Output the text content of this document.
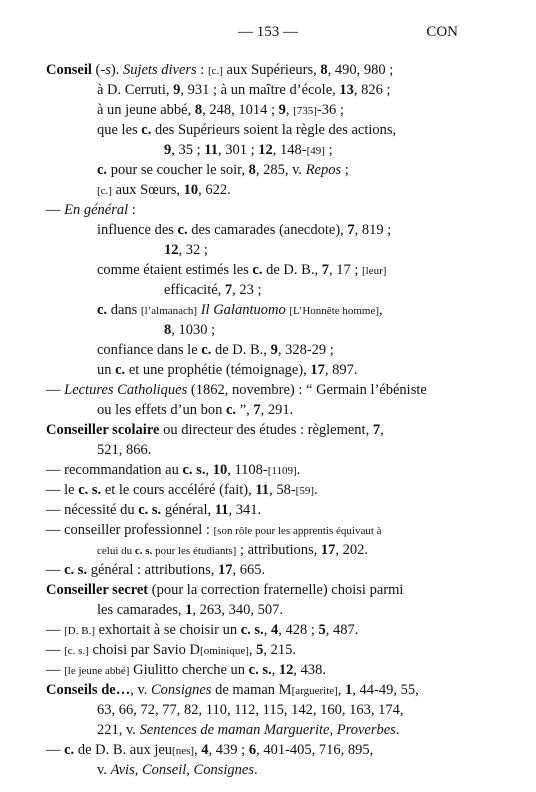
— 153 —	CON
Conseil (-s). Sujets divers : [c.] aux Supérieurs, 8, 490, 980 ;
à D. Cerruti, 9, 931 ; à un maître d’école, 13, 826 ;
à un jeune abbé, 8, 248, 1014 ; 9, [735]-36 ;
que les c. des Supérieurs soient la règle des actions,
9, 35 ; 11, 301 ; 12, 148-[49] ;
c. pour se coucher le soir, 8, 285, v. Repos ;
[c.] aux Sœurs, 10, 622.
— En général :
influence des c. des camarades (anecdote), 7, 819 ;
12, 32 ;
comme étaient estimés les c. de D. B., 7, 17 ; [leur]
efficacité, 7, 23 ;
c. dans [l’almanach] Il Galantuomo [L’Honnête homme],
8, 1030 ;
confiance dans le c. de D. B., 9, 328-29 ;
un c. et une prophétie (témoignage), 17, 897.
— Lectures Catholiques (1862, novembre) : “ Germain l’ébéniste
ou les effets d’un bon c. ”, 7, 291.
Conseiller scolaire ou directeur des études : règlement, 7,
521, 866.
— recommandation au c. s., 10, 1108-[1109].
— le c. s. et le cours accéléré (fait), 11, 58-[59].
— nécessité du c. s. général, 11, 341.
— conseiller professionnel : [son rôle pour les apprentis équivaut à
celui du c. s. pour les étudiants] ; attributions, 17, 202.
— c. s. général : attributions, 17, 665.
Conseiller secret (pour la correction fraternelle) choisi parmi
les camarades, 1, 263, 340, 507.
— [D. B.] exhortait à se choisir un c. s., 4, 428 ; 5, 487.
— [c. s.] choisi par Savio D[ominique], 5, 215.
— [le jeune abbé] Giulitto cherche un c. s., 12, 438.
Conseils de…, v. Consignes de maman M[arguerite], 1, 44-49, 55,
63, 66, 72, 77, 82, 110, 112, 115, 142, 160, 163, 174,
221, v. Sentences de maman Marguerite, Proverbes.
— c. de D. B. aux jeu[nes], 4, 439 ; 6, 401-405, 716, 895,
v. Avis, Conseil, Consignes.
